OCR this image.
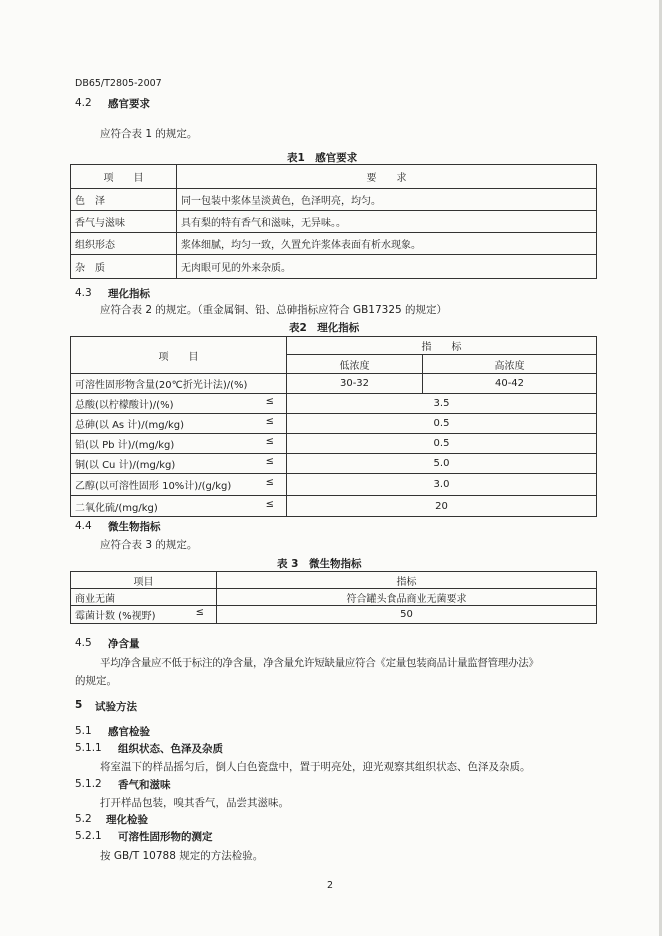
DB65/T2805-2007
4.2 感官要求
应符合表 1 的规定。
表1　感官要求
项　　目	要　　求
色　泽	同一包装中浆体呈淡黄色，色泽明亮，均匀。
香气与滋味	具有梨的特有香气和滋味，无异味。。
组织形态	浆体细腻，均匀一致，久置允许浆体表面有析水现象。
杂　质	无肉眼可见的外来杂质。
4.3 理化指标
应符合表 2 的规定。（重金属铜、铅、总砷指标应符合 GB17325 的规定）
表2　理化指标
项　　目	指　　标	
	低浓度	高浓度
可溶性固形物含量(20℃折光计法)/(%)	30-32	40-42
总酸(以柠檬酸计)/(%) ≤	3.5	
总砷(以 As 计)/(mg/kg) ≤	0.5	
铅(以 Pb 计)/(mg/kg) ≤	0.5	
铜(以 Cu 计)/(mg/kg) ≤	5.0	
乙醇(以可溶性固形 10%计)/(g/kg) ≤	3.0	
二氧化硫/(mg/kg) ≤	20	
4.4 微生物指标
应符合表 3 的规定。
表 3　微生物指标
项目	指标
商业无菌	符合罐头食品商业无菌要求
霉菌计数 (%视野) ≤	50
4.5 净含量
平均净含量应不低于标注的净含量，净含量允许短缺量应符合《定量包装商品计量监督管理办法》
的规定。
5 试验方法
5.1 感官检验
5.1.1 组织状态、色泽及杂质
将室温下的样品摇匀后，倒人白色瓷盘中，置于明亮处，迎光观察其组织状态、色泽及杂质。
5.1.2 香气和滋味
打开样品包装，嗅其香气，品尝其滋味。
5.2 理化检验
5.2.1 可溶性固形物的测定
按 GB/T 10788 规定的方法检验。
2
